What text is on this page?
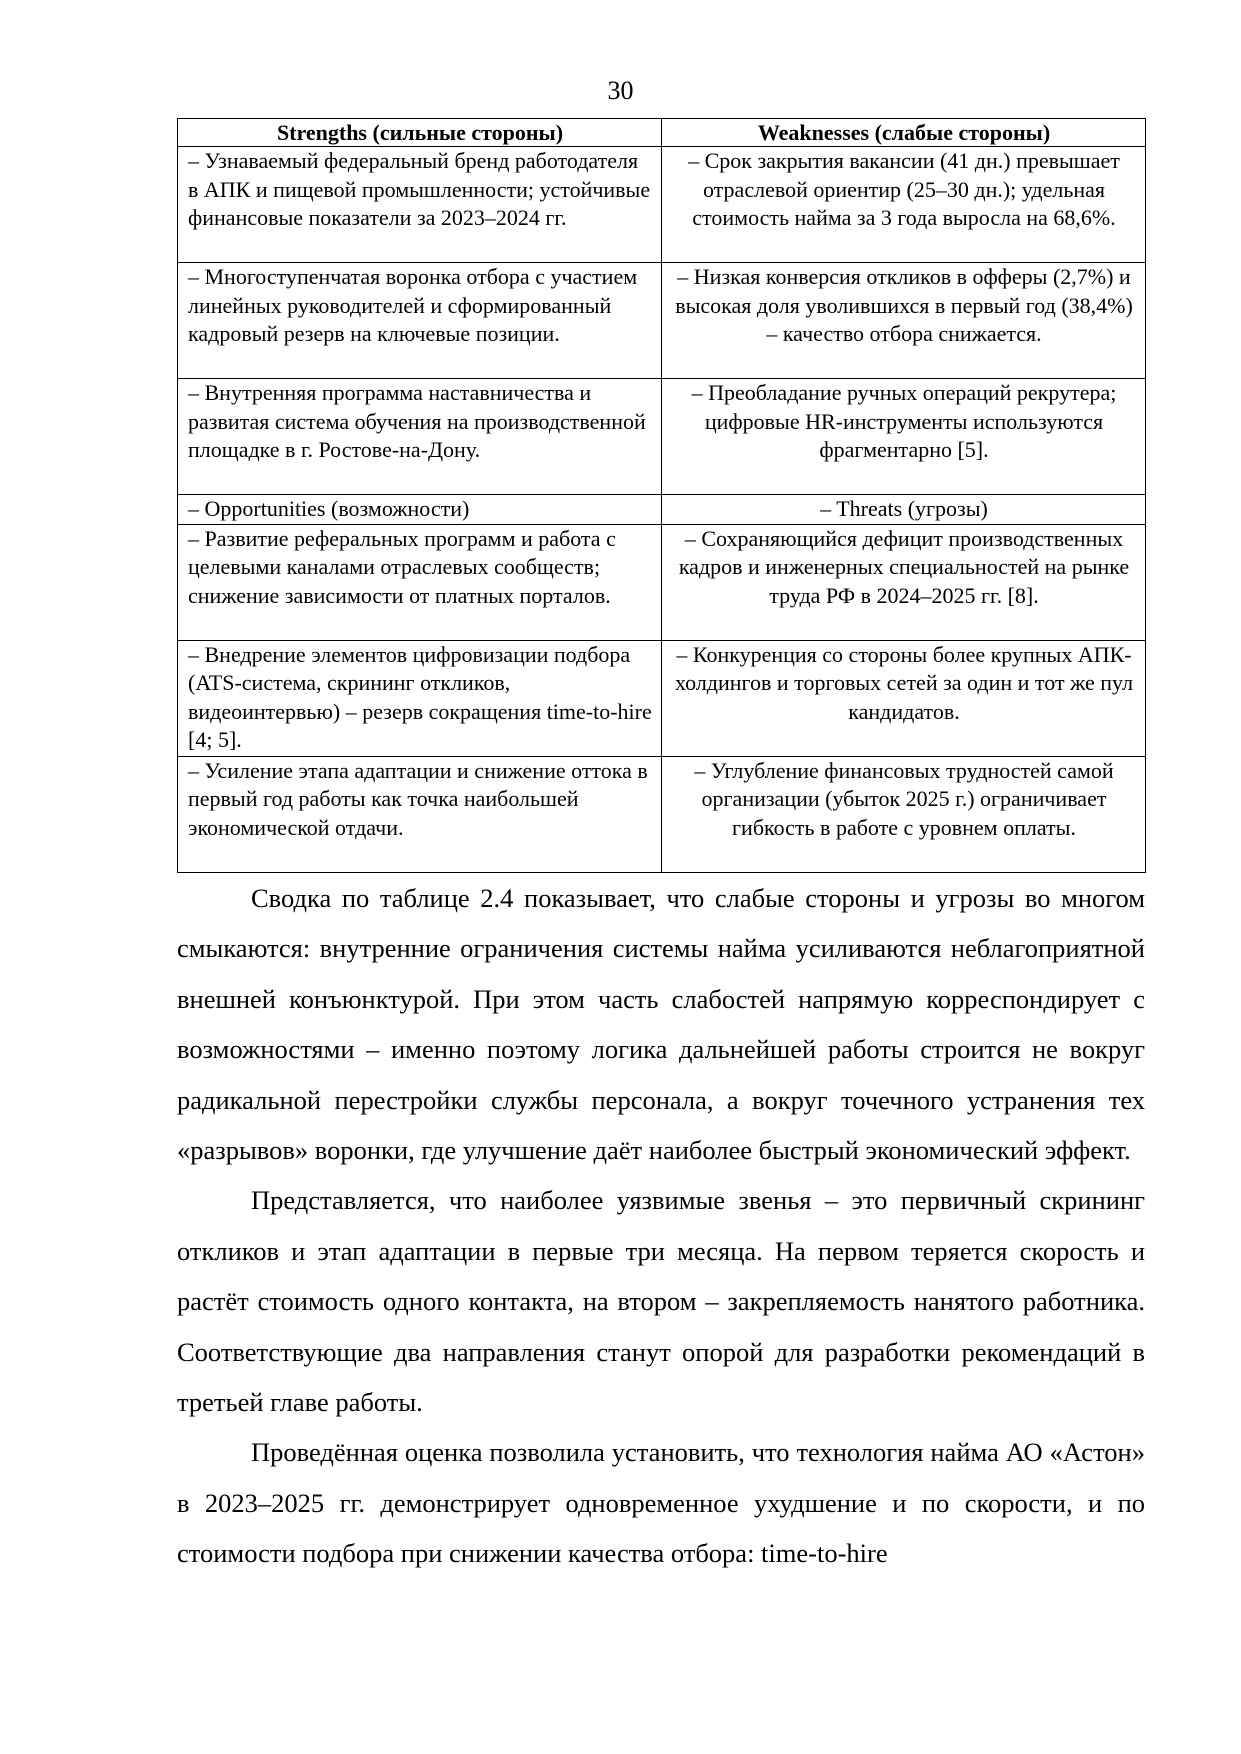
30
Strengths (сильные стороны)	Weaknesses (слабые стороны)
– Узнаваемый федеральный бренд работодателя в АПК и пищевой промышленности; устойчивые финансовые показатели за 2023–2024 гг.	– Срок закрытия вакансии (41 дн.) превышает отраслевой ориентир (25–30 дн.); удельная стоимость найма за 3 года выросла на 68,6%.
– Многоступенчатая воронка отбора с участием линейных руководителей и сформированный кадровый резерв на ключевые позиции.	– Низкая конверсия откликов в офферы (2,7%) и высокая доля уволившихся в первый год (38,4%) – качество отбора снижается.
– Внутренняя программа наставничества и развитая система обучения на производственной площадке в г. Ростове-на-Дону.	– Преобладание ручных операций рекрутера; цифровые HR-инструменты используются фрагментарно [5].
– Opportunities (возможности)	– Threats (угрозы)
– Развитие реферальных программ и работа с целевыми каналами отраслевых сообществ; снижение зависимости от платных порталов.	– Сохраняющийся дефицит производственных кадров и инженерных специальностей на рынке труда РФ в 2024–2025 гг. [8].
– Внедрение элементов цифровизации подбора (ATS-система, скрининг откликов, видеоинтервью) – резерв сокращения time-to-hire [4; 5].	– Конкуренция со стороны более крупных АПК-холдингов и торговых сетей за один и тот же пул кандидатов.
– Усиление этапа адаптации и снижение оттока в первый год работы как точка наибольшей экономической отдачи.	– Углубление финансовых трудностей самой организации (убыток 2025 г.) ограничивает гибкость в работе с уровнем оплаты.

Сводка по таблице 2.4 показывает, что слабые стороны и угрозы во многом смыкаются: внутренние ограничения системы найма усиливаются неблагоприятной внешней конъюнктурой. При этом часть слабостей напрямую корреспондирует с возможностями – именно поэтому логика дальнейшей работы строится не вокруг радикальной перестройки службы персонала, а вокруг точечного устранения тех «разрывов» воронки, где улучшение даёт наиболее быстрый экономический эффект.

Представляется, что наиболее уязвимые звенья – это первичный скрининг откликов и этап адаптации в первые три месяца. На первом теряется скорость и растёт стоимость одного контакта, на втором – закрепляемость нанятого работника. Соответствующие два направления станут опорой для разработки рекомендаций в третьей главе работы.

Проведённая оценка позволила установить, что технология найма АО «Астон» в 2023–2025 гг. демонстрирует одновременное ухудшение и по скорости, и по стоимости подбора при снижении качества отбора: time-to-hire
